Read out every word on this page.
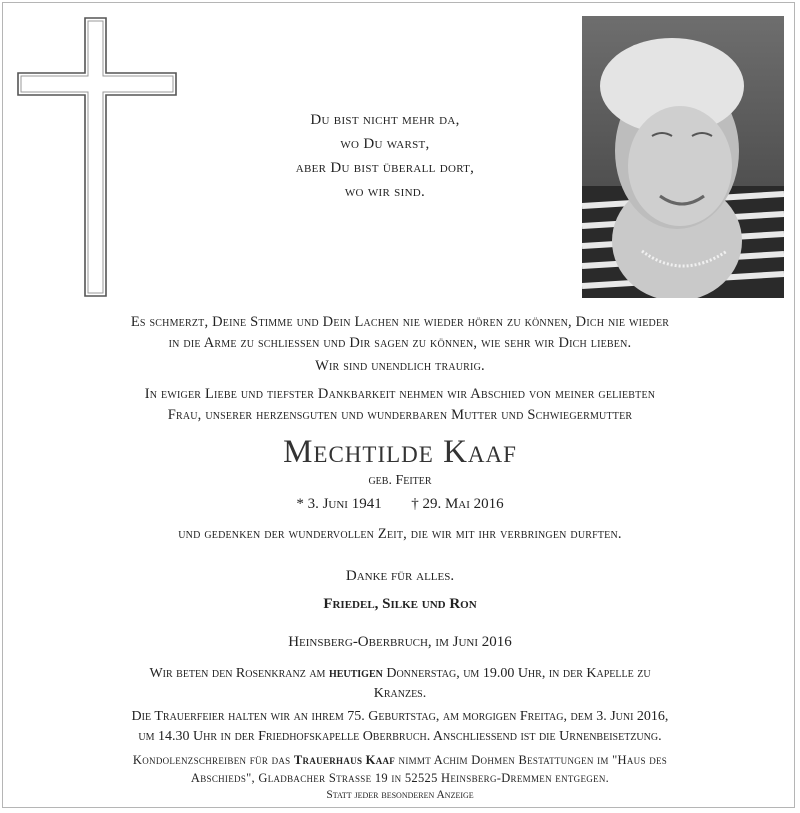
Du bist nicht mehr da,
wo Du warst,
aber Du bist überall dort,
wo wir sind.
Es schmerzt, Deine Stimme und Dein Lachen nie wieder hören zu können, Dich nie wieder
in die Arme zu schliessen und Dir sagen zu können, wie sehr wir Dich lieben.
Wir sind unendlich traurig.
In ewiger Liebe und tiefster Dankbarkeit nehmen wir Abschied von meiner geliebten
Frau, unserer herzensguten und wunderbaren Mutter und Schwiegermutter
Mechtilde Kaaf
geb. Feiter
* 3. Juni 1941 † 29. Mai 2016
und gedenken der wundervollen Zeit, die wir mit ihr verbringen durften.
Danke für alles.
Friedel, Silke und Ron
Heinsberg-Oberbruch, im Juni 2016
Wir beten den Rosenkranz am heutigen Donnerstag, um 19.00 Uhr, in der Kapelle zu
Kranzes.
Die Trauerfeier halten wir an ihrem 75. Geburtstag, am morgigen Freitag, dem 3. Juni 2016,
um 14.30 Uhr in der Friedhofskapelle Oberbruch. Anschliessend ist die Urnenbeisetzung.
Kondolenzschreiben für das Trauerhaus Kaaf nimmt Achim Dohmen Bestattungen im "Haus des
Abschieds", Gladbacher Strasse 19 in 52525 Heinsberg-Dremmen entgegen.
Statt jeder besonderen Anzeige
